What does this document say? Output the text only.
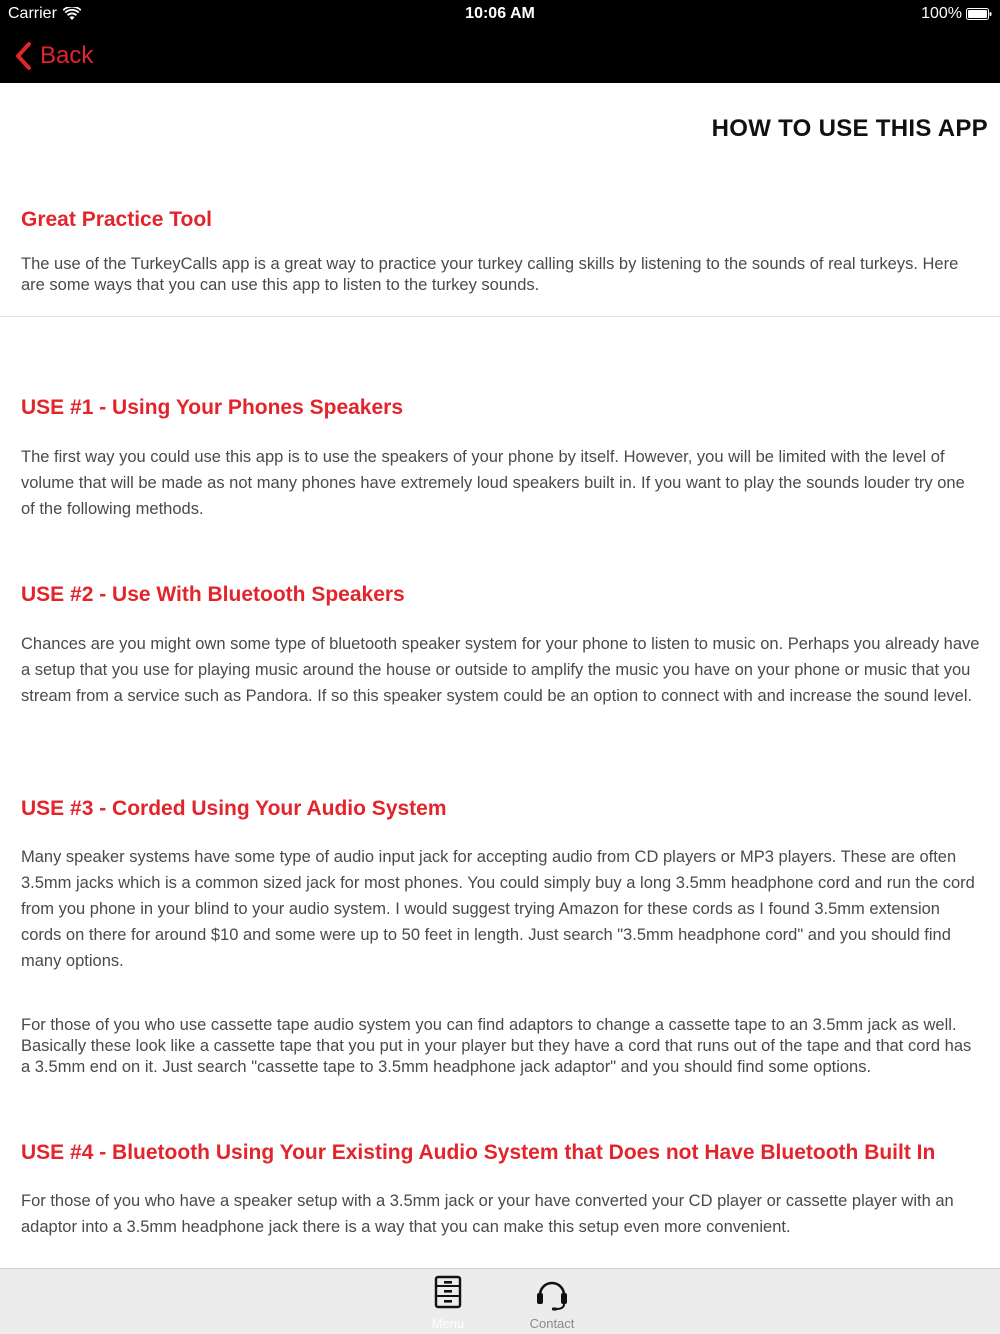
Carrier	10:06 AM	100%
Back
HOW TO USE THIS APP
Great Practice Tool

The use of the TurkeyCalls app is a great way to practice your turkey calling skills by listening to the sounds of real turkeys. Here are some ways that you can use this app to listen to the turkey sounds.

USE #1 - Using Your Phones Speakers

The first way you could use this app is to use the speakers of your phone by itself. However, you will be limited with the level of volume that will be made as not many phones have extremely loud speakers built in. If you want to play the sounds louder try one of the following methods.

USE #2 - Use With Bluetooth Speakers

Chances are you might own some type of bluetooth speaker system for your phone to listen to music on. Perhaps you already have a setup that you use for playing music around the house or outside to amplify the music you have on your phone or music that you stream from a service such as Pandora. If so this speaker system could be an option to connect with and increase the sound level.

USE #3 - Corded Using Your Audio System

Many speaker systems have some type of audio input jack for accepting audio from CD players or MP3 players. These are often 3.5mm jacks which is a common sized jack for most phones. You could simply buy a long 3.5mm headphone cord and run the cord from you phone in your blind to your audio system. I would suggest trying Amazon for these cords as I found 3.5mm extension cords on there for around $10 and some were up to 50 feet in length. Just search "3.5mm headphone cord" and you should find many options.

For those of you who use cassette tape audio system you can find adaptors to change a cassette tape to an 3.5mm jack as well. Basically these look like a cassette tape that you put in your player but they have a cord that runs out of the tape and that cord has a 3.5mm end on it. Just search "cassette tape to 3.5mm headphone jack adaptor" and you should find some options.

USE #4 - Bluetooth Using Your Existing Audio System that Does not Have Bluetooth Built In

For those of you who have a speaker setup with a 3.5mm jack or your have converted your CD player or cassette player with an adaptor into a 3.5mm headphone jack there is a way that you can make this setup even more convenient.

Menu	Contact
